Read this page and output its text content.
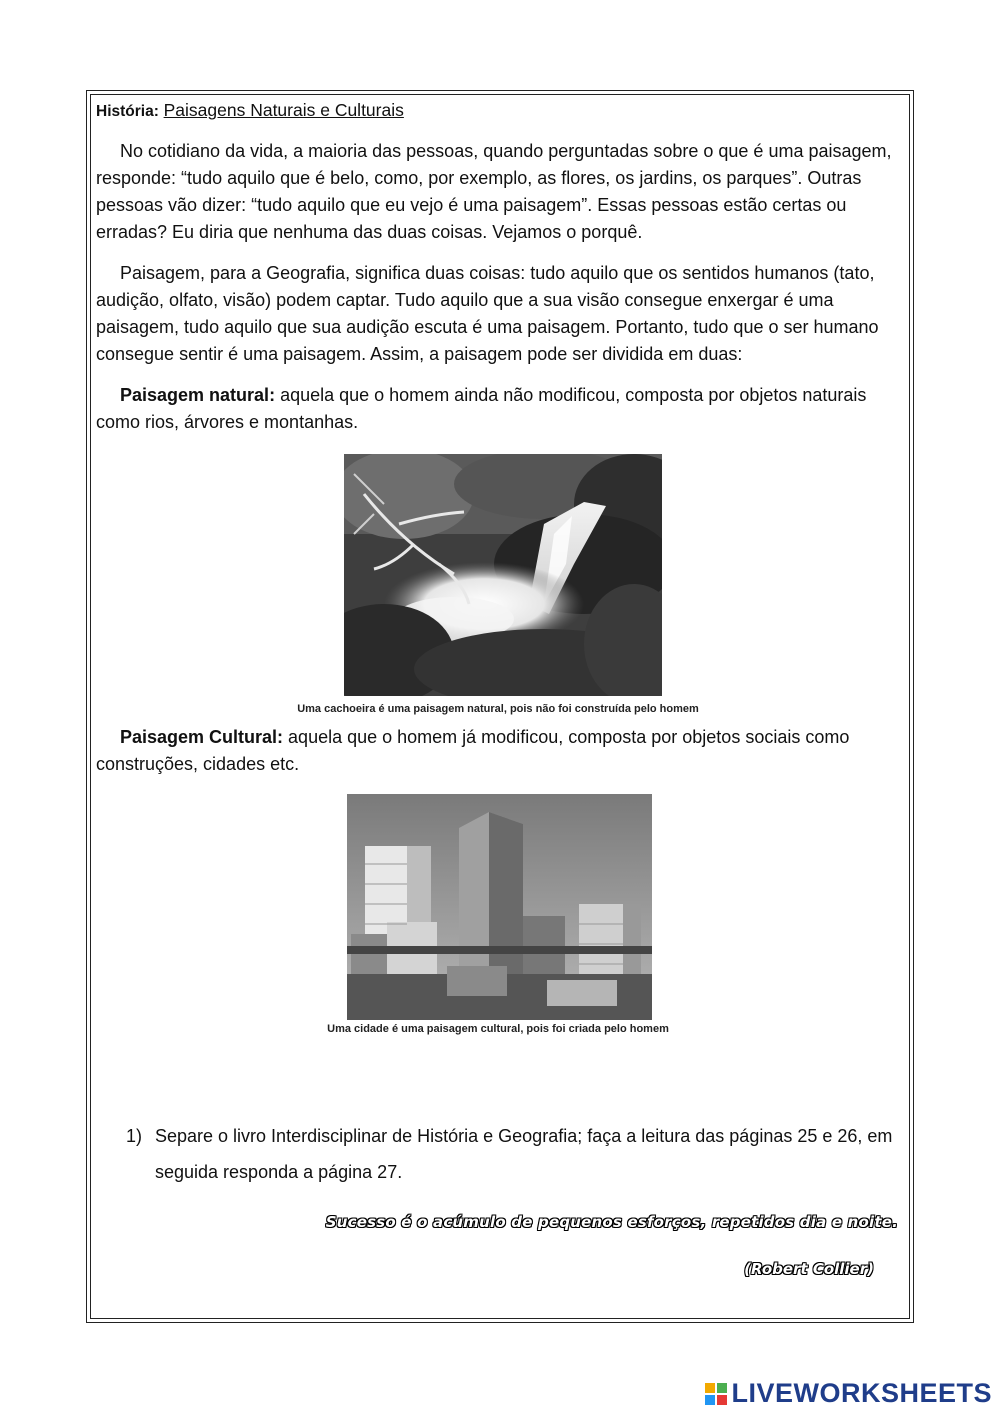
História: Paisagens Naturais e Culturais

No cotidiano da vida, a maioria das pessoas, quando perguntadas sobre o que é uma paisagem, responde: “tudo aquilo que é belo, como, por exemplo, as flores, os jardins, os parques”. Outras pessoas vão dizer: “tudo aquilo que eu vejo é uma paisagem”. Essas pessoas estão certas ou erradas? Eu diria que nenhuma das duas coisas. Vejamos o porquê.

Paisagem, para a Geografia, significa duas coisas: tudo aquilo que os sentidos humanos (tato, audição, olfato, visão) podem captar. Tudo aquilo que a sua visão consegue enxergar é uma paisagem, tudo aquilo que sua audição escuta é uma paisagem. Portanto, tudo que o ser humano consegue sentir é uma paisagem. Assim, a paisagem pode ser dividida em duas:

Paisagem natural: aquela que o homem ainda não modificou, composta por objetos naturais como rios, árvores e montanhas.

Uma cachoeira é uma paisagem natural, pois não foi construída pelo homem

Paisagem Cultural: aquela que o homem já modificou, composta por objetos sociais como construções, cidades etc.

Uma cidade é uma paisagem cultural, pois foi criada pelo homem
1) Separe o livro Interdisciplinar de História e Geografia; faça a leitura das páginas 25 e 26, em seguida responda a página 27.
Sucesso é o acúmulo de pequenos esforços, repetidos dia e noite.
(Robert Collier)
LIVEWORKSHEETS
